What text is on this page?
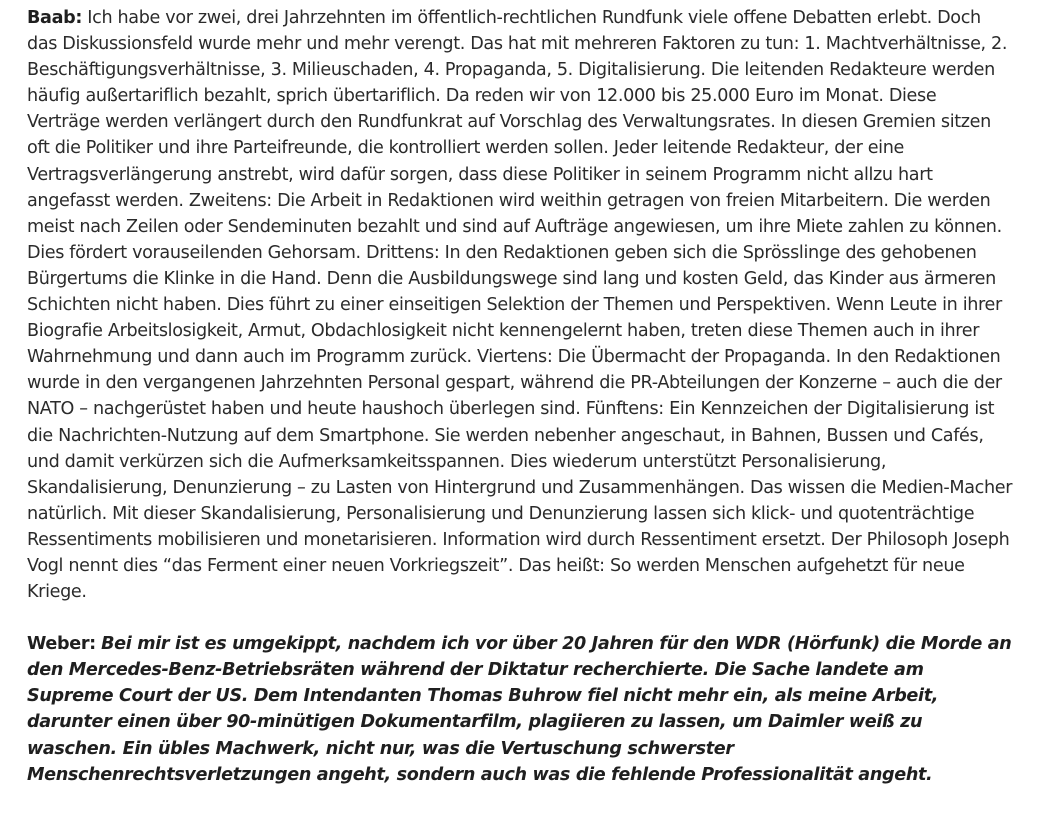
Baab: Ich habe vor zwei, drei Jahrzehnten im öffentlich-rechtlichen Rundfunk viele offene Debatten erlebt. Doch das Diskussionsfeld wurde mehr und mehr verengt. Das hat mit mehreren Faktoren zu tun: 1. Machtverhältnisse, 2. Beschäftigungsverhältnisse, 3. Milieuschaden, 4. Propaganda, 5. Digitalisierung. Die leitenden Redakteure werden häufig außertariflich bezahlt, sprich übertariflich. Da reden wir von 12.000 bis 25.000 Euro im Monat. Diese Verträge werden verlängert durch den Rundfunkrat auf Vorschlag des Verwaltungsrates. In diesen Gremien sitzen oft die Politiker und ihre Parteifreunde, die kontrolliert werden sollen. Jeder leitende Redakteur, der eine Vertragsverlängerung anstrebt, wird dafür sorgen, dass diese Politiker in seinem Programm nicht allzu hart angefasst werden. Zweitens: Die Arbeit in Redaktionen wird weithin getragen von freien Mitarbeitern. Die werden meist nach Zeilen oder Sendeminuten bezahlt und sind auf Aufträge angewiesen, um ihre Miete zahlen zu können. Dies fördert vorauseilenden Gehorsam. Drittens: In den Redaktionen geben sich die Sprösslinge des gehobenen Bürgertums die Klinke in die Hand. Denn die Ausbildungswege sind lang und kosten Geld, das Kinder aus ärmeren Schichten nicht haben. Dies führt zu einer einseitigen Selektion der Themen und Perspektiven. Wenn Leute in ihrer Biografie Arbeitslosigkeit, Armut, Obdachlosigkeit nicht kennengelernt haben, treten diese Themen auch in ihrer Wahrnehmung und dann auch im Programm zurück. Viertens: Die Übermacht der Propaganda. In den Redaktionen wurde in den vergangenen Jahrzehnten Personal gespart, während die PR-Abteilungen der Konzerne – auch die der NATO – nachgerüstet haben und heute haushoch überlegen sind. Fünftens: Ein Kennzeichen der Digitalisierung ist die Nachrichten-Nutzung auf dem Smartphone. Sie werden nebenher angeschaut, in Bahnen, Bussen und Cafés, und damit verkürzen sich die Aufmerksamkeitsspannen. Dies wiederum unterstützt Personalisierung, Skandalisierung, Denunzierung – zu Lasten von Hintergrund und Zusammenhängen. Das wissen die Medien-Macher natürlich. Mit dieser Skandalisierung, Personalisierung und Denunzierung lassen sich klick- und quotenträchtige Ressentiments mobilisieren und monetarisieren. Information wird durch Ressentiment ersetzt. Der Philosoph Joseph Vogl nennt dies “das Ferment einer neuen Vorkriegszeit”. Das heißt: So werden Menschen aufgehetzt für neue Kriege.

Weber: Bei mir ist es umgekippt, nachdem ich vor über 20 Jahren für den WDR (Hörfunk) die Morde an den Mercedes-Benz-Betriebsräten während der Diktatur recherchierte. Die Sache landete am Supreme Court der US. Dem Intendanten Thomas Buhrow fiel nicht mehr ein, als meine Arbeit, darunter einen über 90-minütigen Dokumentarfilm, plagiieren zu lassen, um Daimler weiß zu waschen. Ein übles Machwerk, nicht nur, was die Vertuschung schwerster Menschenrechtsverletzungen angeht, sondern auch was die fehlende Professionalität angeht.
